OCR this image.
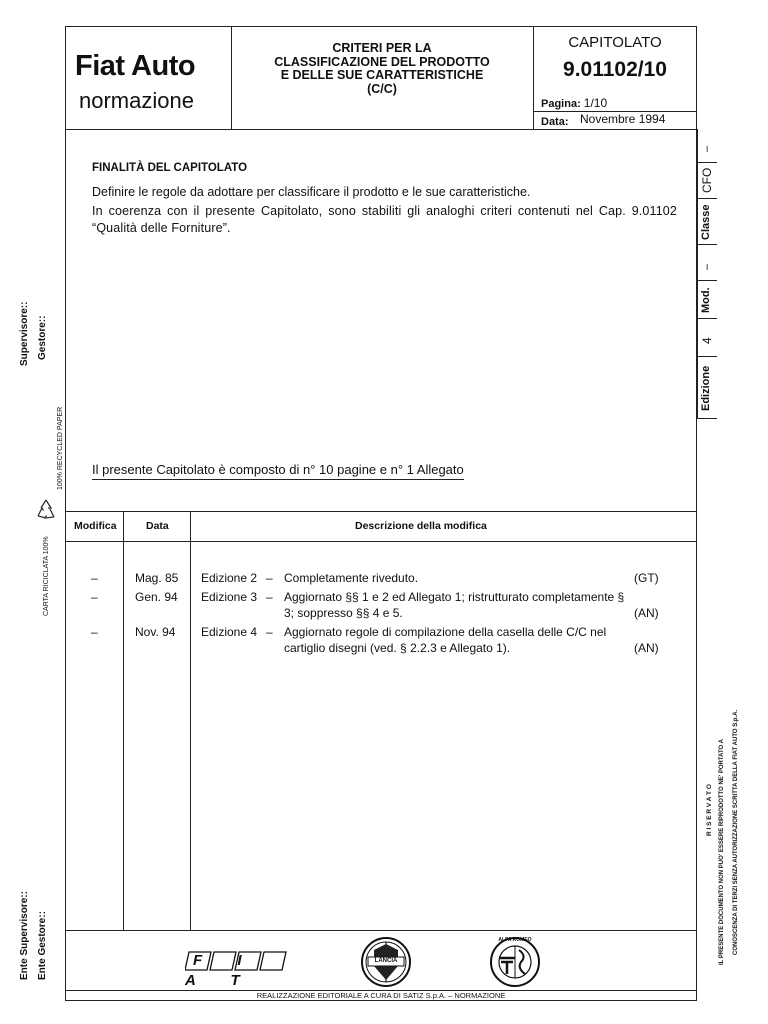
Fiat Auto
normazione
CRITERI PER LA
CLASSIFICAZIONE DEL PRODOTTO
E DELLE SUE CARATTERISTICHE
(C/C)
CAPITOLATO
9.01102/10
Pagina: 1/10
Data: Novembre 1994
–
CFO
Classe
–
Mod.
4
Edizione
FINALITÀ DEL CAPITOLATO
Definire le regole da adottare per classificare il prodotto e le sue caratteristiche.
In coerenza con il presente Capitolato, sono stabiliti gli analoghi criteri contenuti nel Cap. 9.01102 “Qualità delle Forniture”.
Il presente Capitolato è composto di n° 10 pagine e n° 1 Allegato
Modifica	Data	Descrizione della modifica
–	Mag. 85 Edizione 2 – Completamente riveduto.	(GT)
–	Gen. 94 Edizione 3 – Aggiornato §§ 1 e 2 ed Allegato 1; ristrutturato completamente §
3; soppresso §§ 4 e 5.	(AN)
–	Nov. 94 Edizione 4 – Aggiornato regole di compilazione della casella delle C/C nel
cartiglio disegni (ved. § 2.2.3 e Allegato 1).	(AN)
F I A T
LANCIA
ALFA ROMEO
REALIZZAZIONE EDITORIALE A CURA DI SATIZ S.p.A. – NORMAZIONE
Supervisore:: Gestore::
100% RECYCLED PAPER
CARTA RICICLATA 100%
Ente Supervisore:: Ente Gestore::
R I S E R V A T O IL PRESENTE DOCUMENTO NON PUO' ESSERE RIPRODOTTO NE' PORTATO A CONOSCENZA DI TERZI SENZA AUTORIZZAZIONE SCRITTA DELLA FIAT AUTO S.p.A.
